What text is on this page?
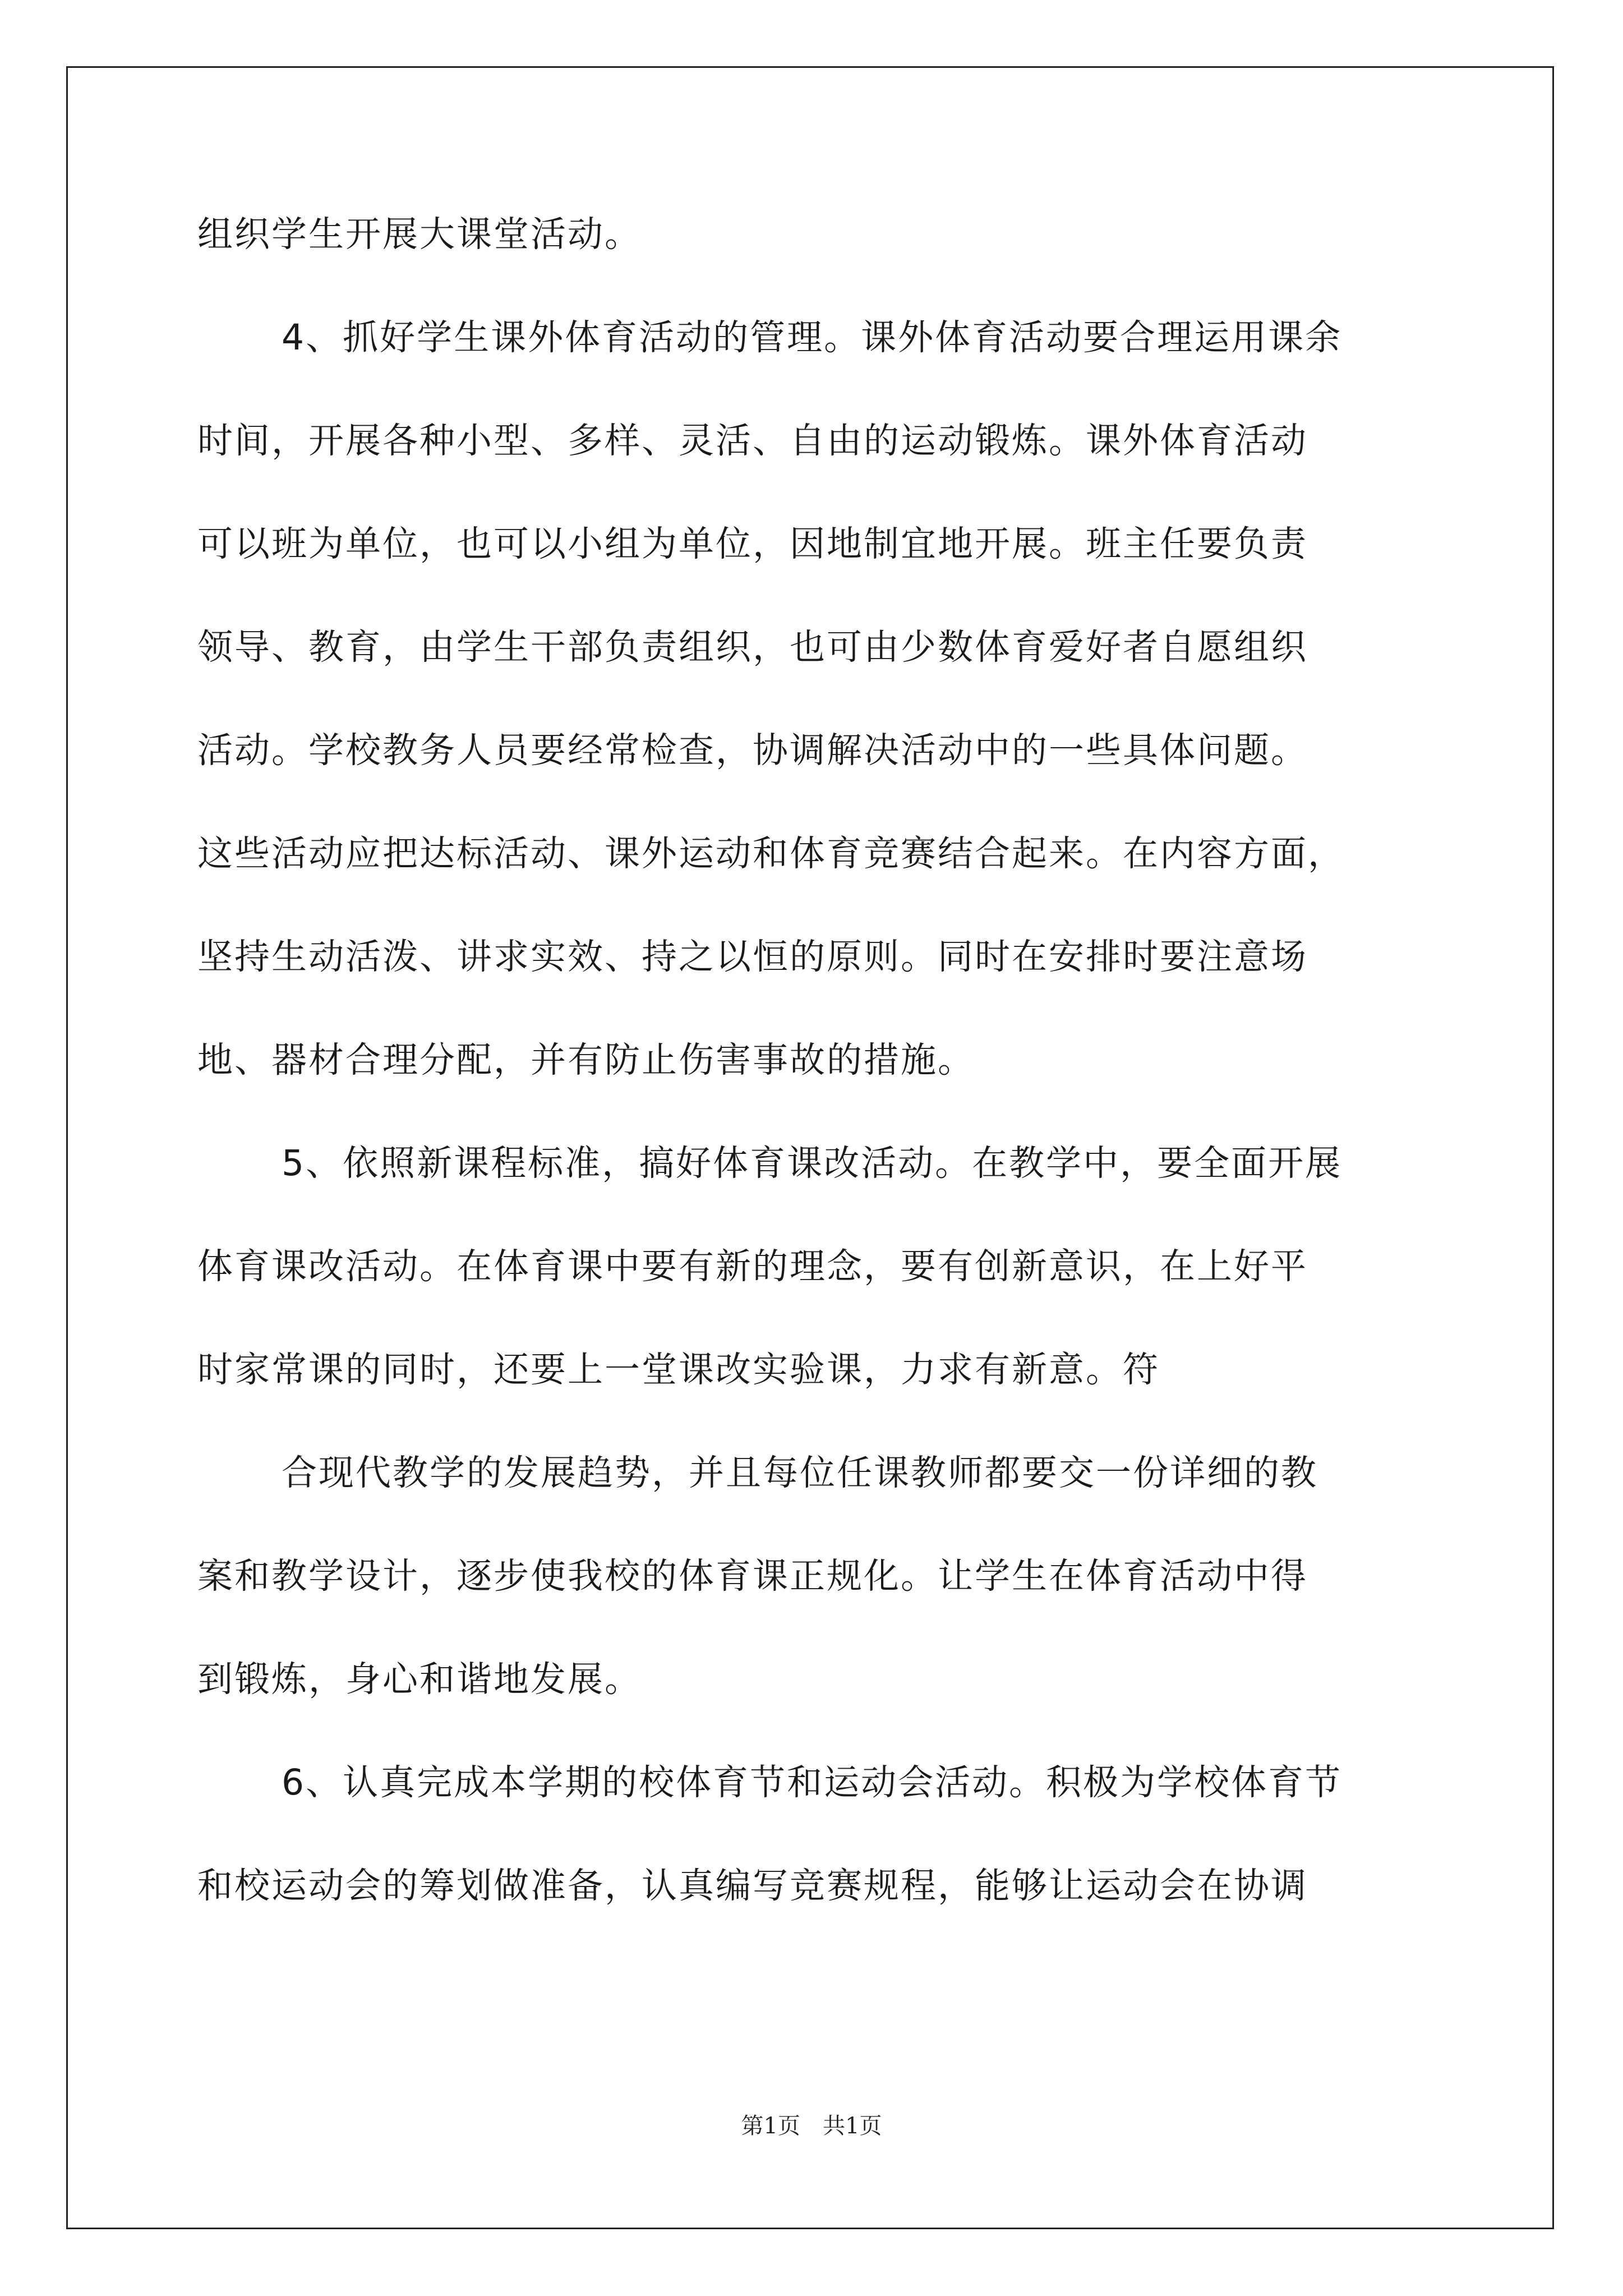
组织学生开展大课堂活动。
4、抓好学生课外体育活动的管理。课外体育活动要合理运用课余
时间，开展各种小型、多样、灵活、自由的运动锻炼。课外体育活动
可以班为单位，也可以小组为单位，因地制宜地开展。班主任要负责
领导、教育，由学生干部负责组织，也可由少数体育爱好者自愿组织
活动。学校教务人员要经常检查，协调解决活动中的一些具体问题。
这些活动应把达标活动、课外运动和体育竞赛结合起来。在内容方面，
坚持生动活泼、讲求实效、持之以恒的原则。同时在安排时要注意场
地、器材合理分配，并有防止伤害事故的措施。
5、依照新课程标准，搞好体育课改活动。在教学中，要全面开展
体育课改活动。在体育课中要有新的理念，要有创新意识，在上好平
时家常课的同时，还要上一堂课改实验课，力求有新意。符
合现代教学的发展趋势，并且每位任课教师都要交一份详细的教
案和教学设计，逐步使我校的体育课正规化。让学生在体育活动中得
到锻炼，身心和谐地发展。
6、认真完成本学期的校体育节和运动会活动。积极为学校体育节
和校运动会的筹划做准备，认真编写竞赛规程，能够让运动会在协调
第1页　共1页
